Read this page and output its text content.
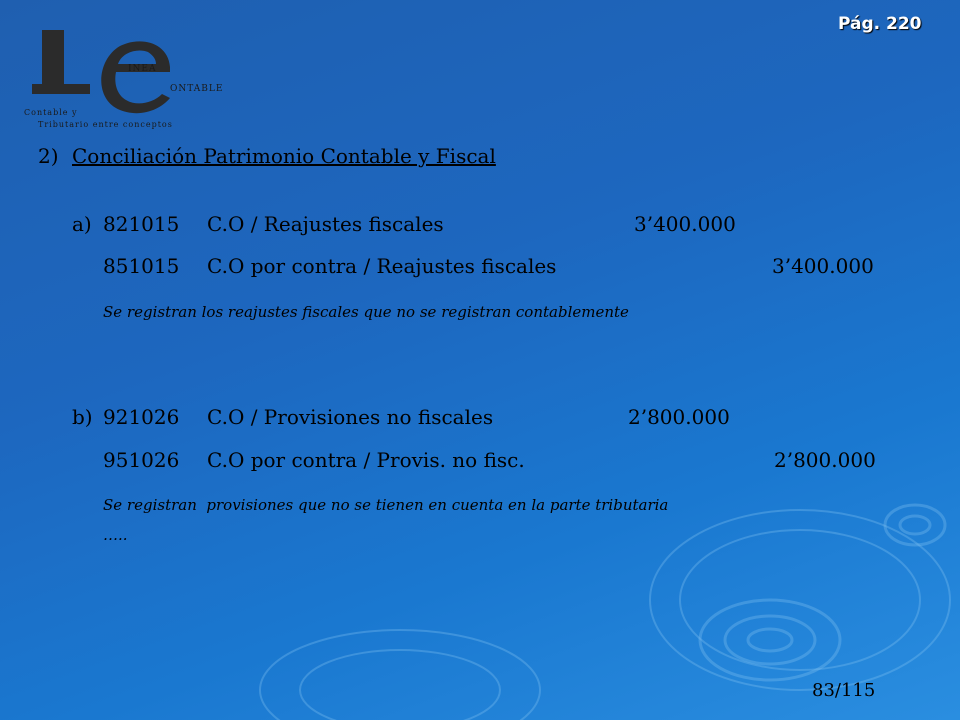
Pág. 220
INEA
ONTABLE
Contable y
Tributario entre conceptos
2) Conciliación Patrimonio Contable y Fiscal
a) 821015 C.O / Reajustes fiscales	3’400.000
851015 C.O por contra / Reajustes fiscales	3’400.000
Se registran los reajustes fiscales que no se registran contablemente
b) 921026 C.O / Provisiones no fiscales	2’800.000
951026 C.O por contra / Provis. no fisc.	2’800.000
Se registran  provisiones que no se tienen en cuenta en la parte tributaria
…..
83/115
